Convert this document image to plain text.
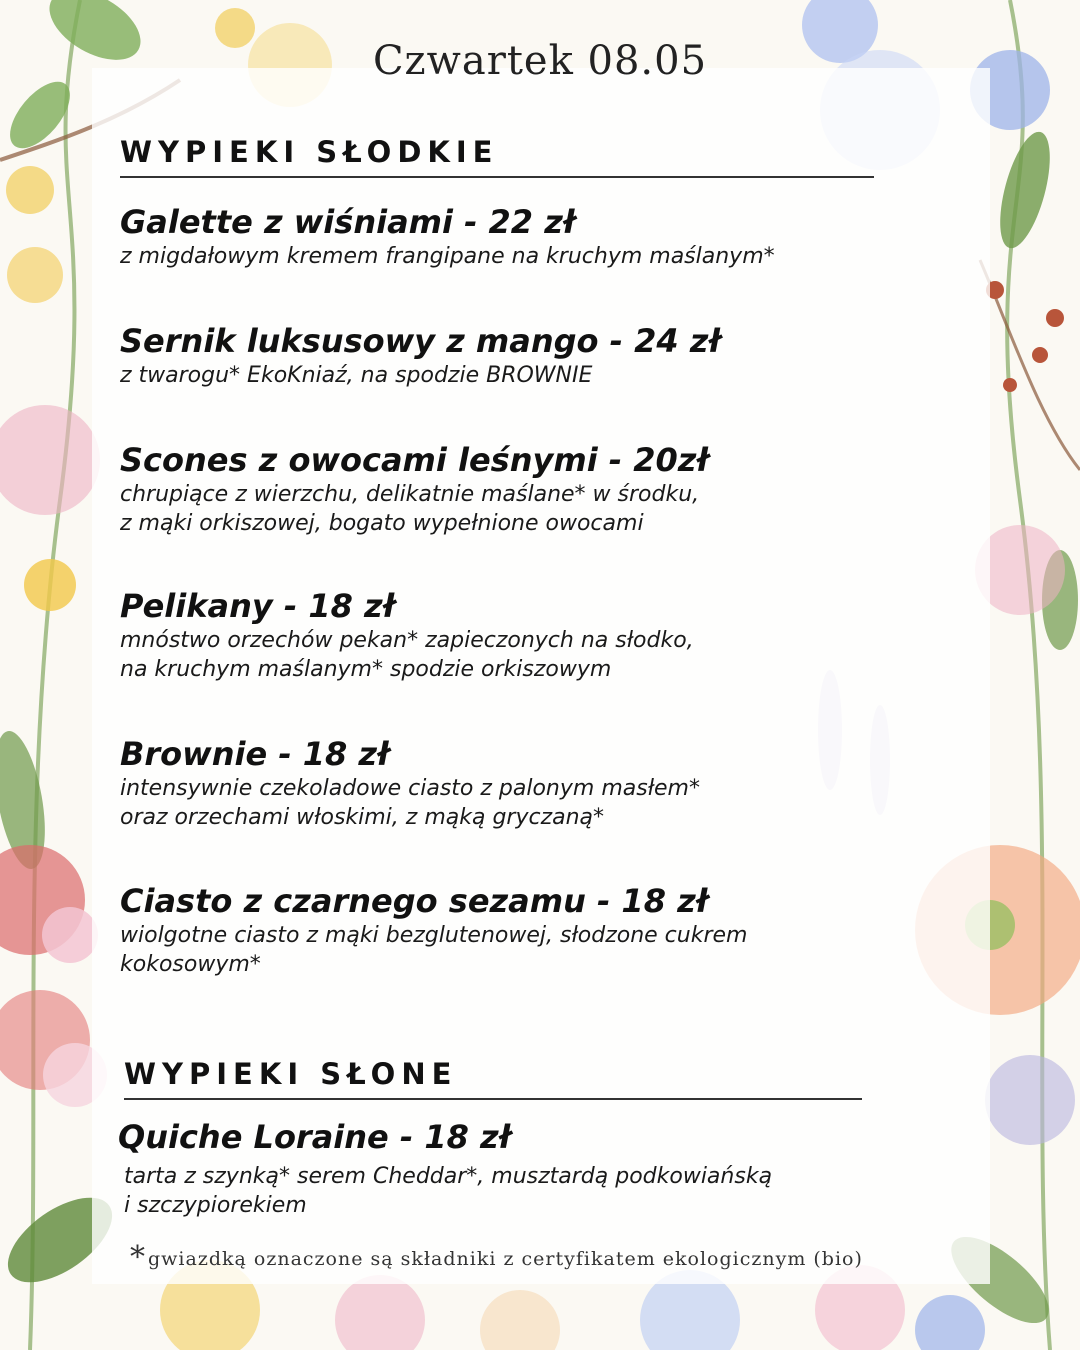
Czwartek 08.05
WYPIEKI SŁODKIE
Galette z wiśniami - 22 zł
z migdałowym kremem frangipane na kruchym maślanym*
Sernik luksusowy z mango - 24 zł
z twarogu* EkoKniaź, na spodzie BROWNIE
Scones z owocami leśnymi - 20zł
chrupiące z wierzchu, delikatnie maślane* w środku,
z mąki orkiszowej, bogato wypełnione owocami
Pelikany - 18 zł
mnóstwo orzechów pekan* zapieczonych na słodko,
na kruchym maślanym* spodzie orkiszowym
Brownie - 18 zł
intensywnie czekoladowe ciasto z palonym masłem*
oraz orzechami włoskimi, z mąką gryczaną*
Ciasto z czarnego sezamu - 18 zł
wiolgotne ciasto z mąki bezglutenowej, słodzone cukrem
kokosowym*
WYPIEKI SŁONE
Quiche Loraine - 18 zł
tarta z szynką* serem Cheddar*, musztardą podkowiańską
i szczypiorekiem
* gwiazdką oznaczone są składniki z certyfikatem ekologicznym (bio)
